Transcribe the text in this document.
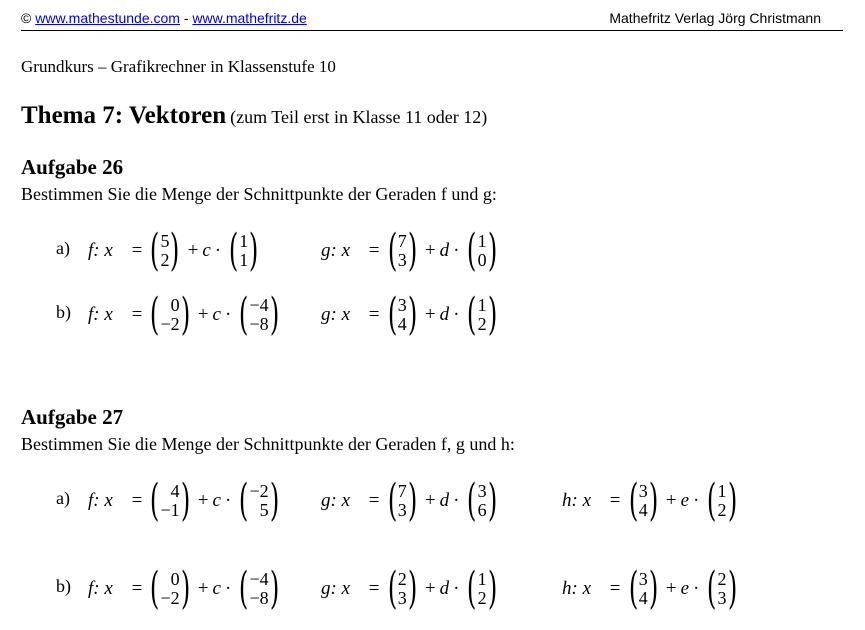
© www.mathestunde.com - www.mathefritz.de	Mathefritz Verlag Jörg Christmann
Grundkurs – Grafikrechner in Klassenstufe 10
Thema 7: Vektoren (zum Teil erst in Klasse 11 oder 12)
Aufgabe 26
Bestimmen Sie die Menge der Schnittpunkte der Geraden f und g:
a) f : x⃗ = ( 5
2 ) + c · ( 1
1 )	g : x⃗ = ( 7
3 ) + d · ( 1
0 )
b) f : x⃗ = ( 0
−2 ) + c · ( −4
−8 ) g : x⃗ = ( 3
4 ) + d · ( 1
2 )
Aufgabe 27
Bestimmen Sie die Menge der Schnittpunkte der Geraden f, g und h:
a) f : x⃗ = ( 4
−1 ) + c · ( −2
5 ) g : x⃗ = ( 7
3 ) + d · ( 3
6 )	h : x⃗ = ( 3
4 ) + e · ( 1
2 )
b) f : x⃗ = ( 0
−2 ) + c · ( −4
−8 ) g : x⃗ = ( 2
3 ) + d · ( 1
2 )	h : x⃗ = ( 3
4 ) + e · ( 2
3 )
